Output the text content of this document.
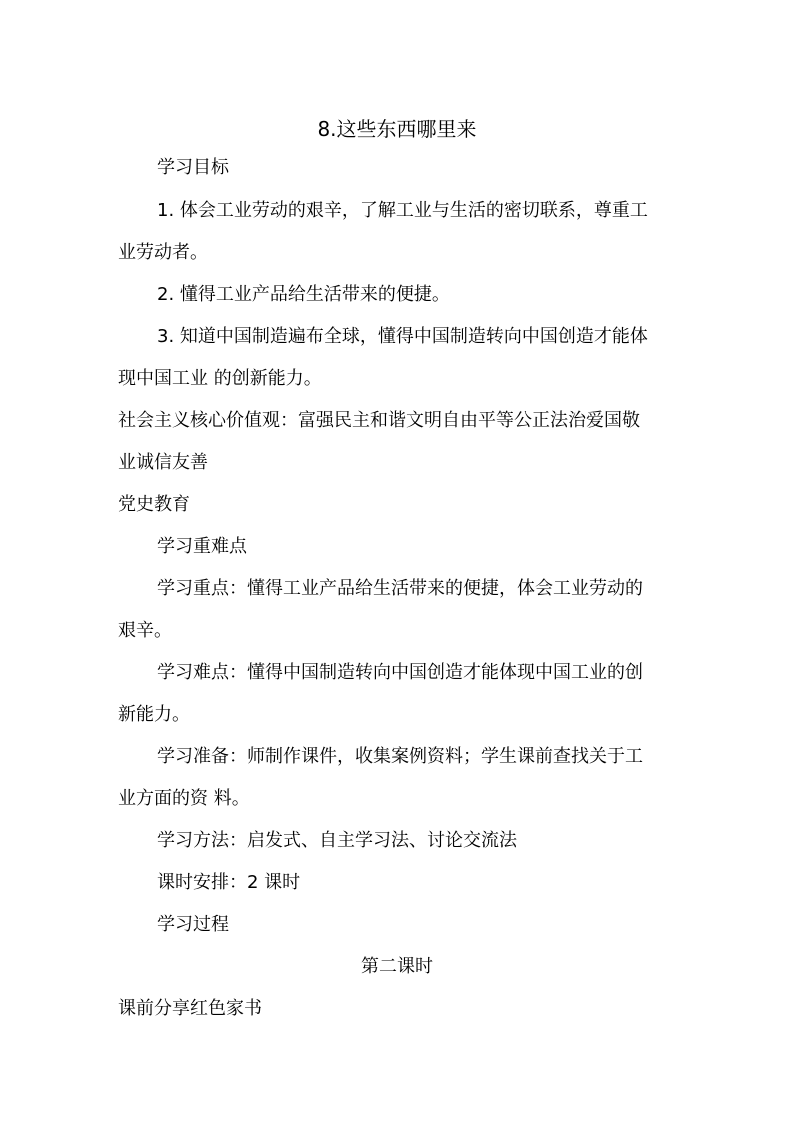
8.这些东西哪里来
学习目标
1. 体会工业劳动的艰辛，了解工业与生活的密切联系，尊重工
业劳动者。
2. 懂得工业产品给生活带来的便捷。
3. 知道中国制造遍布全球，懂得中国制造转向中国创造才能体
现中国工业 的创新能力。
社会主义核心价值观：富强民主和谐文明自由平等公正法治爱国敬
业诚信友善
党史教育
学习重难点
学习重点：懂得工业产品给生活带来的便捷，体会工业劳动的
艰辛。
学习难点：懂得中国制造转向中国创造才能体现中国工业的创
新能力。
学习准备：师制作课件，收集案例资料；学生课前查找关于工
业方面的资 料。
学习方法：启发式、自主学习法、讨论交流法
课时安排：2 课时
学习过程
第二课时
课前分享红色家书
